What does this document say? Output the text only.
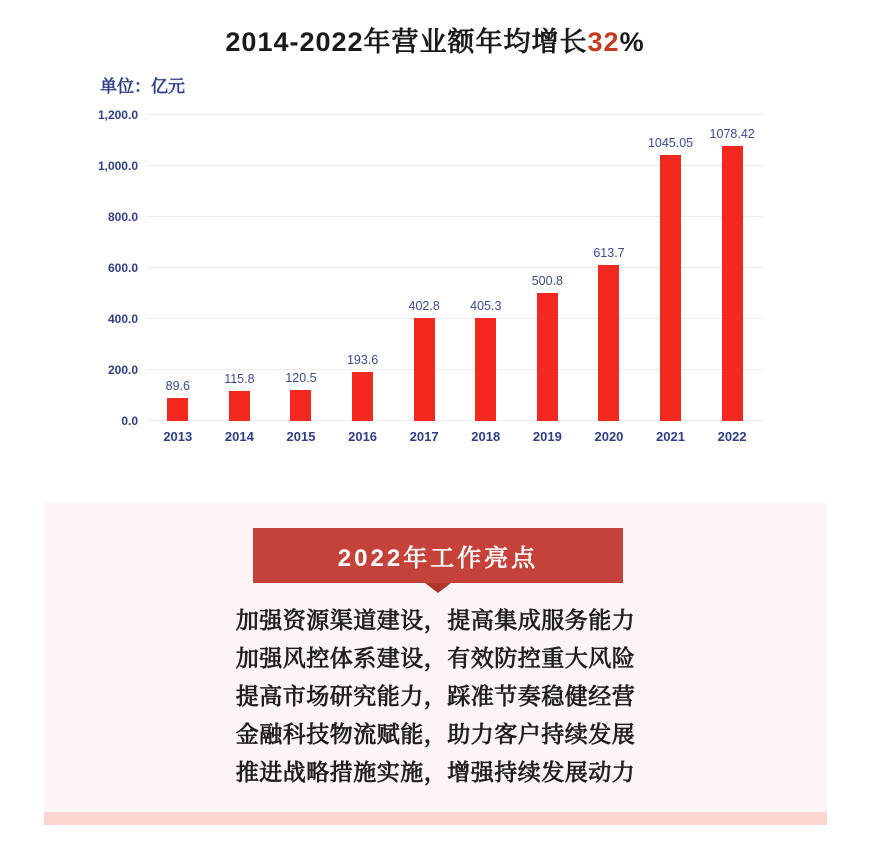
2014-2022年营业额年均增长32%
单位：亿元
0.0
200.0
400.0
600.0
800.0
1,000.0
1,200.0
89.6
2013
115.8
2014
120.5
2015
193.6
2016
402.8
2017
405.3
2018
500.8
2019
613.7
2020
1045.05
2021
1078.42
2022
2022年工作亮点
加强资源渠道建设，提高集成服务能力
加强风控体系建设，有效防控重大风险
提高市场研究能力，踩准节奏稳健经营
金融科技物流赋能，助力客户持续发展
推进战略措施实施，增强持续发展动力
